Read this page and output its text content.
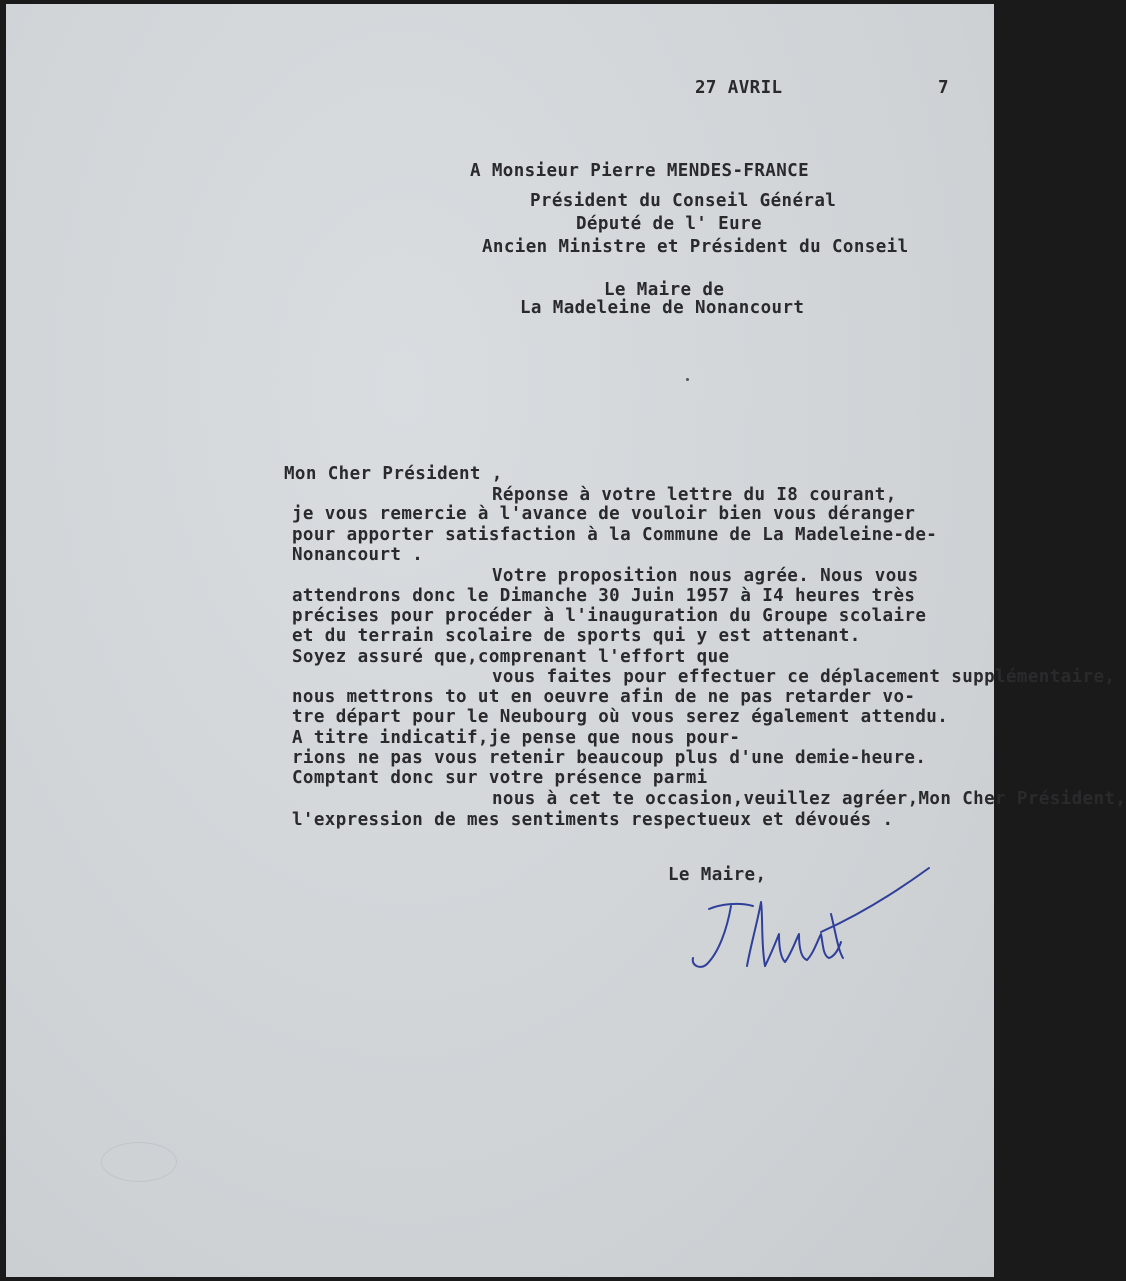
27 AVRIL	7

A Monsieur Pierre MENDES-FRANCE

Président du Conseil Général

Député de l' Eure

Ancien Ministre et Président du Conseil

Le Maire de

La Madeleine de Nonancourt

Mon Cher Président ,

Réponse à votre lettre du I8 courant,

je vous remercie à l'avance de vouloir bien vous déranger

pour apporter satisfaction à la Commune de La Madeleine-de-

Nonancourt .

Votre proposition nous agrée. Nous vous

attendrons donc le Dimanche 30 Juin 1957 à I4 heures très

précises pour procéder à l'inauguration du Groupe scolaire

et du terrain scolaire de sports qui y est attenant.

Soyez assuré que,comprenant l'effort que

vous faites pour effectuer ce déplacement supplémentaire,

nous mettrons to ut en oeuvre afin de ne pas retarder vo-

tre départ pour le Neubourg où vous serez également attendu.

A titre indicatif,je pense que nous pour-

rions ne pas vous retenir beaucoup plus d'une demie-heure.

Comptant donc sur votre présence parmi

nous à cet te occasion,veuillez agréer,Mon Cher Président,

l'expression de mes sentiments respectueux et dévoués .

Le Maire,
